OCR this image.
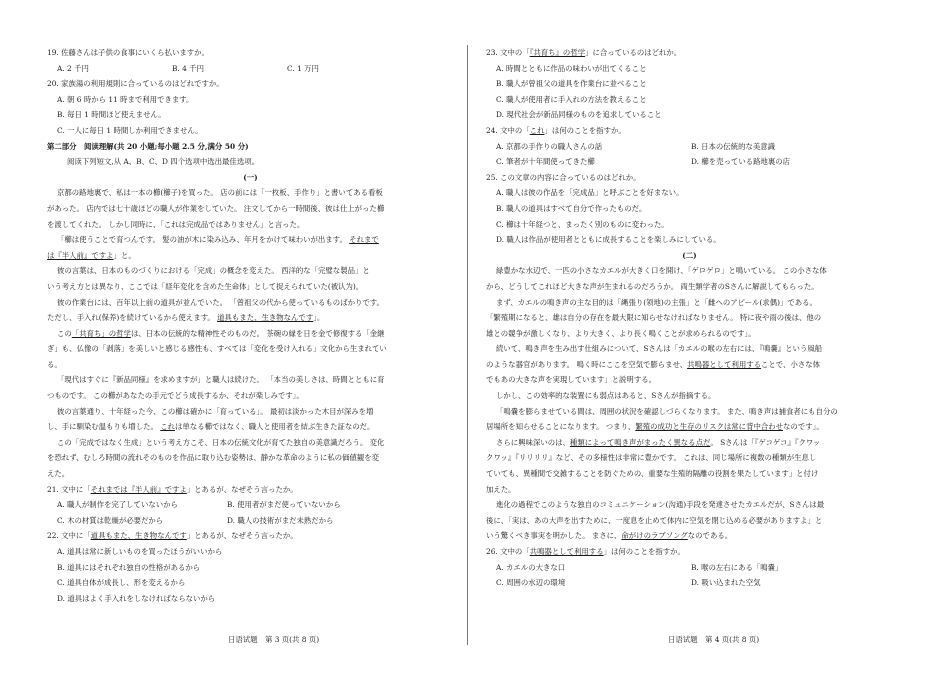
19. 佐藤さんは子供の食事にいくら払いますか。
A. 2 千円	B. 4 千円	C. 1 万円
20. 家族湯の利用規則に合っているのはどれですか。
A. 朝 6 時から 11 時まで利用できます。
B. 毎日 1 時間ほど使えません。
C. 一人に毎日 1 時間しか利用できません。
第二部分　阅读理解(共 20 小题;每小题 2.5 分,满分 50 分)
阅读下列短文,从 A、B、C、D 四个选项中选出最佳选项。
(一)
京都の路地裏で、私は一本の櫛(櫛子)を買った。 店の前には「一枚板、手作り」と書いてある看板
があった。 店内では七十歳ほどの職人が作業をしていた。 注文してから一時間後、彼は仕上がった櫛
を渡してくれた。 しかし同時に、「これは完成品ではありません」と言った。
「櫛は使うことで育つんです。 髪の油が木に染み込み、年月をかけて味わいが出ます。 それまで
は『半人前』ですよ」と。
彼の言葉は、日本のものづくりにおける「完成」の概念を変えた。 西洋的な「完璧な製品」と
いう考え方とは異なり、ここでは「経年変化を含めた生命体」として捉えられていた(被认为)。
彼の作業台には、百年以上前の道具が並んでいた。 「曾祖父の代から使っているものばかりです。
ただし、手入れ(保养)を続けているから使えます。 道具もまた、生き物なんです」。
この「共育ち」の哲学は、日本の伝統的な精神性そのものだ。 茶碗の縁を日を金で修復する「金継
ぎ」も、仏像の「剥落」を美しいと感じる感性も、すべては「変化を受け入れる」文化から生まれてい
る。
「現代はすぐに『新品同様』を求めますが」と職人は続けた。 「本当の美しさは、時間とともに育
つものです。 この櫛があなたの手元でどう成長するか、それが楽しみです」。
彼の言葉通り、十年経った今、この櫛は確かに「育っている」。 最初は淡かった木目が深みを増
し、手に馴染む温もりも増した。 これは単なる櫛ではなく、職人と使用者を結ぶ生きた証なのだ。
この「完成ではなく生成」という考え方こそ、日本の伝統文化が育てた独自の美意識だろう。 変化
を恐れず、むしろ時間の流れそのものを作品に取り込む姿勢は、静かな革命のように私の価値観を変
えた。
21. 文中に「それまでは『半人前』ですよ」とあるが、なぜそう言ったか。
A. 職人が制作を完了していないから	B. 使用者がまだ使っていないから
C. 木の材質は乾燥が必要だから	D. 職人の技術がまだ未熟だから
22. 文中に「道具もまた、生き物なんです」とあるが、なぜそう言ったか。
A. 道具は常に新しいものを買ったほうがいいから
B. 道具にはそれぞれ独自の性格があるから
C. 道具自体が成長し、形を変えるから
D. 道具はよく手入れをしなければならないから
23. 文中の「『共育ち』の哲学」に合っているのはどれか。
A. 時間とともに作品の味わいが出てくること
B. 職人が曾祖父の道具を作業台に並べること
C. 職人が使用者に手入れの方法を教えること
D. 現代社会が新品同様のものを追求していること
24. 文中の「これ」は何のことを指すか。
A. 京都の手作りの職人さんの話	B. 日本の伝統的な美意識
C. 筆者が十年間使ってきた櫛	D. 櫛を売っている路地裏の店
25. この文章の内容に合っているのはどれか。
A. 職人は彼の作品を「完成品」と呼ぶことを好まない。
B. 職人の道具はすべて自分で作ったものだ。
C. 櫛は十年経つと、まったく別のものに変わった。
D. 職人は作品が使用者とともに成長することを楽しみにしている。
(二)
緑豊かな水辺で、一匹の小さなカエルが大きく口を開け、「ゲロゲロ」と鳴いている。 この小さな体
から、どうしてこれほど大きな声が生まれるのだろうか。 両生類学者のSさんに解説してもらった。
まず、カエルの鳴き声の主な目的は「縄張り(领地)の主張」と「雌へのアピール(求偶)」である。
「繁殖期になると、雄は自分の存在を最大限に知らせなければなりません。 特に夜や雨の後は、他の
雄との競争が激しくなり、より大きく、より長く鳴くことが求められるのです」。
続いて、鳴き声を生み出す仕組みについて、Sさんは「カエルの喉の左右には、『鳴嚢』という風船
のような器官があります。 鳴く時にここを空気で膨らませ、共鳴器として利用することで、小さな体
でもあの大きな声を実現しています」と説明する。
しかし、この効率的な装置にも弱点はあると、Sさんが指摘する。
「鳴嚢を膨らませている間は、周囲の状況を確認しづらくなります。 また、鳴き声は捕食者にも自分の
居場所を知らせることになります。 つまり、繁殖の成功と生存のリスクは常に背中合わせなのです」。
さらに興味深いのは、種類によって鳴き声がまったく異なる点だ。 Sさんは「『ゲコゲコ』『クワッ
クワッ』『リリリリ』など、その多様性は非常に豊かです。 これは、同じ場所に複数の種類が生息し
ていても、異種間で交雑することを防ぐための、重要な生殖的隔離の役割を果たしています」と付け
加えた。
進化の過程でこのような独自のコミュニケーション(沟通)手段を発達させたカエルだが、Sさんは最
後に、「実は、あの大声を出すために、一度息を止めて体内に空気を閉じ込める必要がありますよ」と
いう驚くべき事実を明かした。 まさに、命がけのラブソングなのである。
26. 文中の「共鳴器として利用する」は何のことを指すか。
A. カエルの大きな口	B. 喉の左右にある「鳴嚢」
C. 周囲の水辺の環境	D. 吸い込まれた空気
日语试题　第 3 页(共 8 页)	日语试题　第 4 页(共 8 页)
